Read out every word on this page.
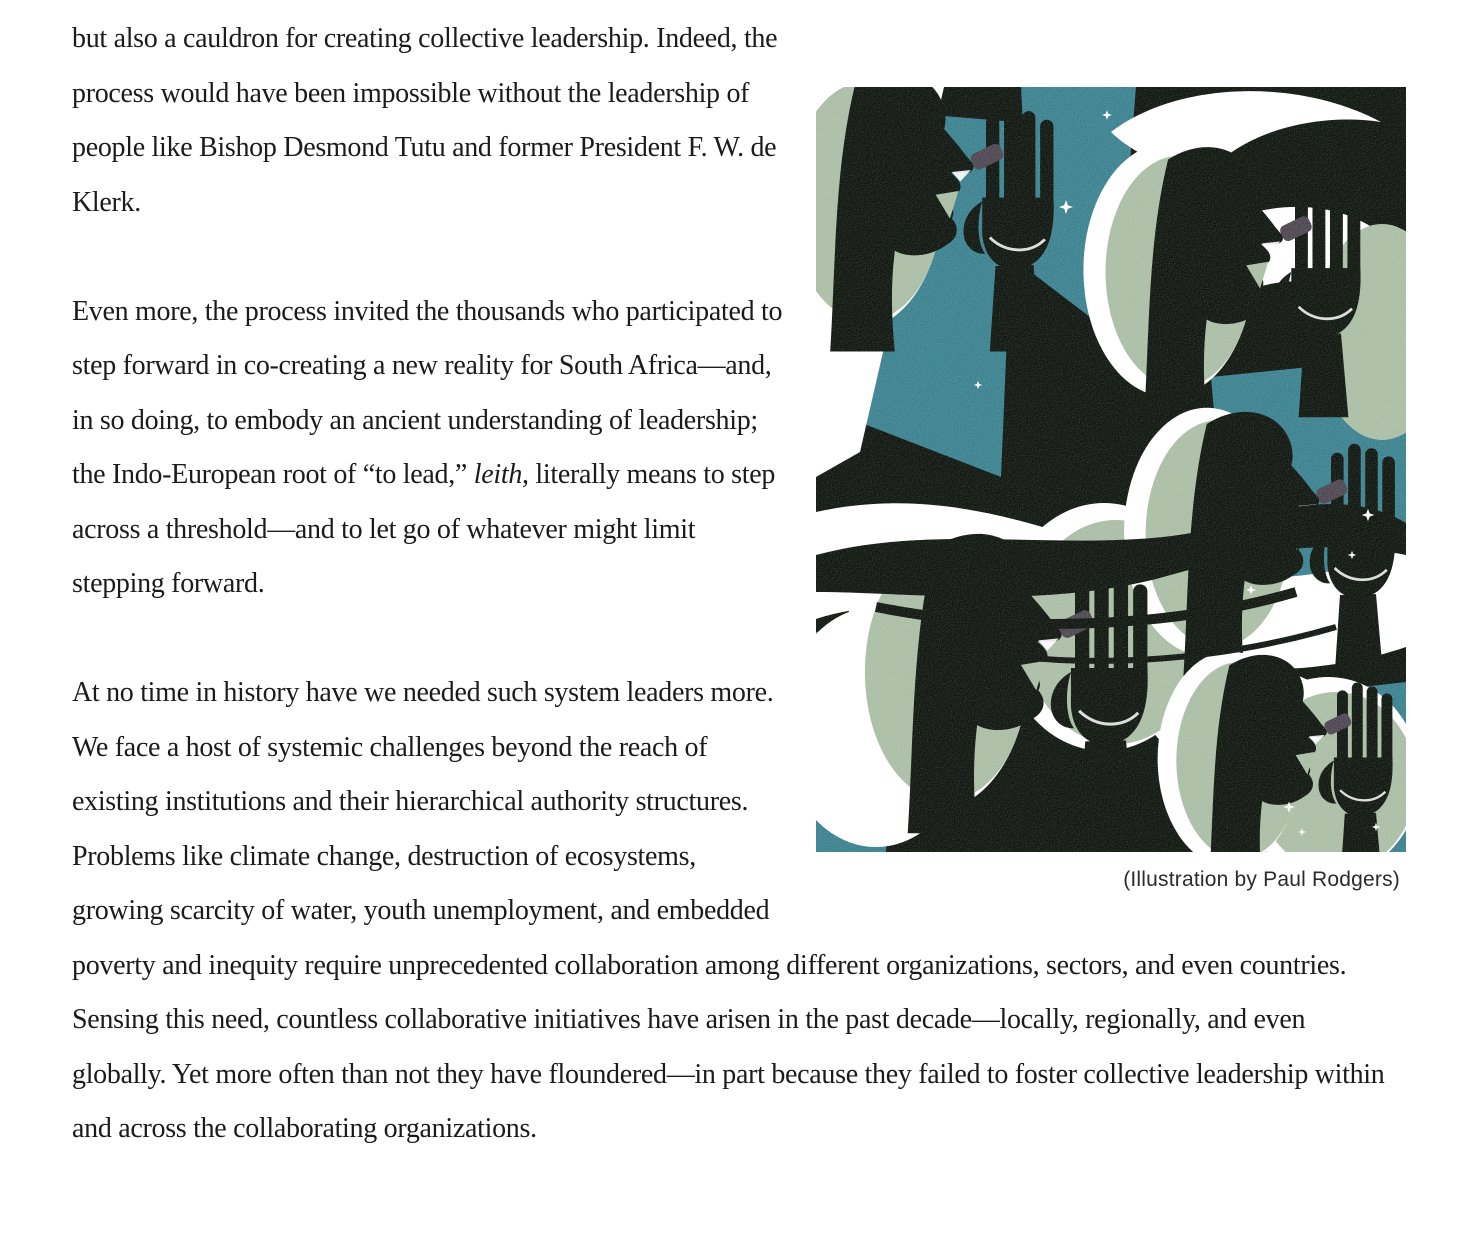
(Illustration by Paul Rodgers)

but also a cauldron for creating collective leadership. Indeed, the process would have been impossible without the leadership of people like Bishop Desmond Tutu and former President F. W. de Klerk.

Even more, the process invited the thousands who participated to step forward in co-creating a new reality for South Africa—and, in so doing, to embody an ancient understanding of leadership; the Indo-European root of “to lead,” leith, literally means to step across a threshold—and to let go of whatever might limit stepping forward.

At no time in history have we needed such system leaders more. We face a host of systemic challenges beyond the reach of existing institutions and their hierarchical authority structures. Problems like climate change, destruction of ecosystems, growing scarcity of water, youth unemployment, and embedded poverty and inequity require unprecedented collaboration among different organizations, sectors, and even countries. Sensing this need, countless collaborative initiatives have arisen in the past decade—locally, regionally, and even globally. Yet more often than not they have floundered—in part because they failed to foster collective leadership within and across the collaborating organizations.
